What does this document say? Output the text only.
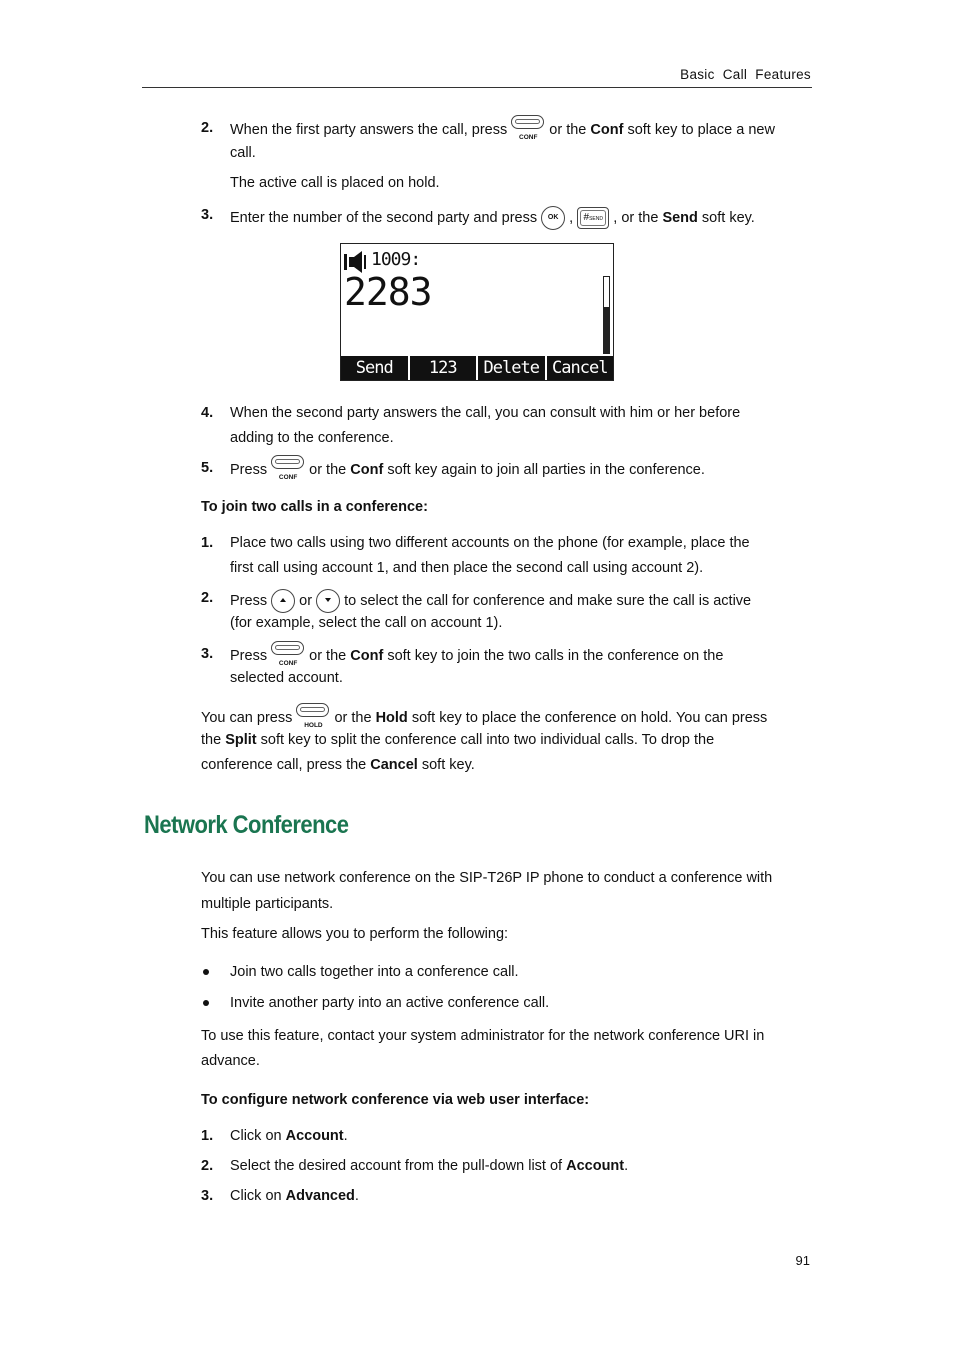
Basic  Call  Features
2. When the first party answers the call, press	CONF or the Conf soft key to place a new
call.
The active call is placed on hold.
3. Enter the number of the second party and press OK , #SEND , or the Send soft key.
1009:
2283
Send	123	Delete Cancel
4. When the second party answers the call, you can consult with him or her before
adding to the conference.
5. Press	CONF or the Conf soft key again to join all parties in the conference.
To join two calls in a conference:
1. Place two calls using two different accounts on the phone (for example, place the
first call using account 1, and then place the second call using account 2).
2. Press or to select the call for conference and make sure the call is active
(for example, select the call on account 1).
3. Press	CONF or the Conf soft key to join the two calls in the conference on the
selected account.
You can press	HOLD or the Hold soft key to place the conference on hold. You can press
the Split soft key to split the conference call into two individual calls. To drop the
conference call, press the Cancel soft key.
Network Conference
You can use network conference on the SIP-T26P IP phone to conduct a conference with
multiple participants.
This feature allows you to perform the following:
Join two calls together into a conference call.
Invite another party into an active conference call.
To use this feature, contact your system administrator for the network conference URI in
advance.
To configure network conference via web user interface:
1. Click on Account.
2. Select the desired account from the pull-down list of Account.
3. Click on Advanced.
91
